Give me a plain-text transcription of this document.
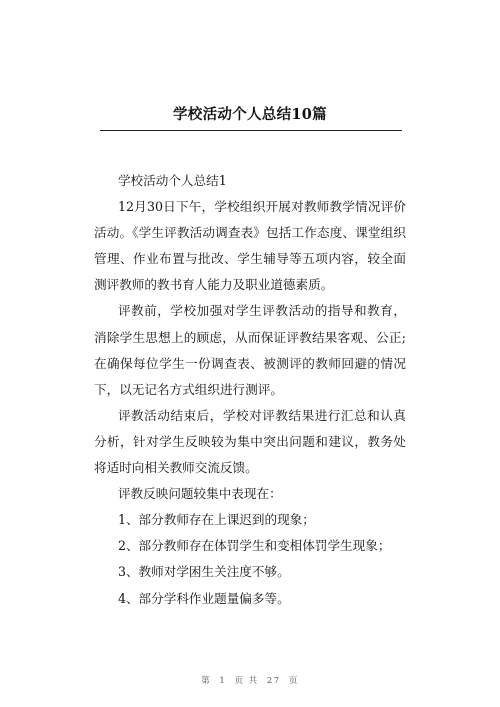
学校活动个人总结10篇

学校活动个人总结1

12月30日下午，学校组织开展对教师教学情况评价活动。《学生评教活动调查表》包括工作态度、课堂组织管理、作业布置与批改、学生辅导等五项内容，较全面测评教师的教书育人能力及职业道德素质。

评教前，学校加强对学生评教活动的指导和教育，消除学生思想上的顾虑，从而保证评教结果客观、公正;在确保每位学生一份调查表、被测评的教师回避的情况下，以无记名方式组织进行测评。

评教活动结束后，学校对评教结果进行汇总和认真分析，针对学生反映较为集中突出问题和建议，教务处将适时向相关教师交流反馈。

评教反映问题较集中表现在：

1、部分教师存在上课迟到的现象；

2、部分教师存在体罚学生和变相体罚学生现象；

3、教师对学困生关注度不够。

4、部分学科作业题量偏多等。

第 1 页 共 27 页
